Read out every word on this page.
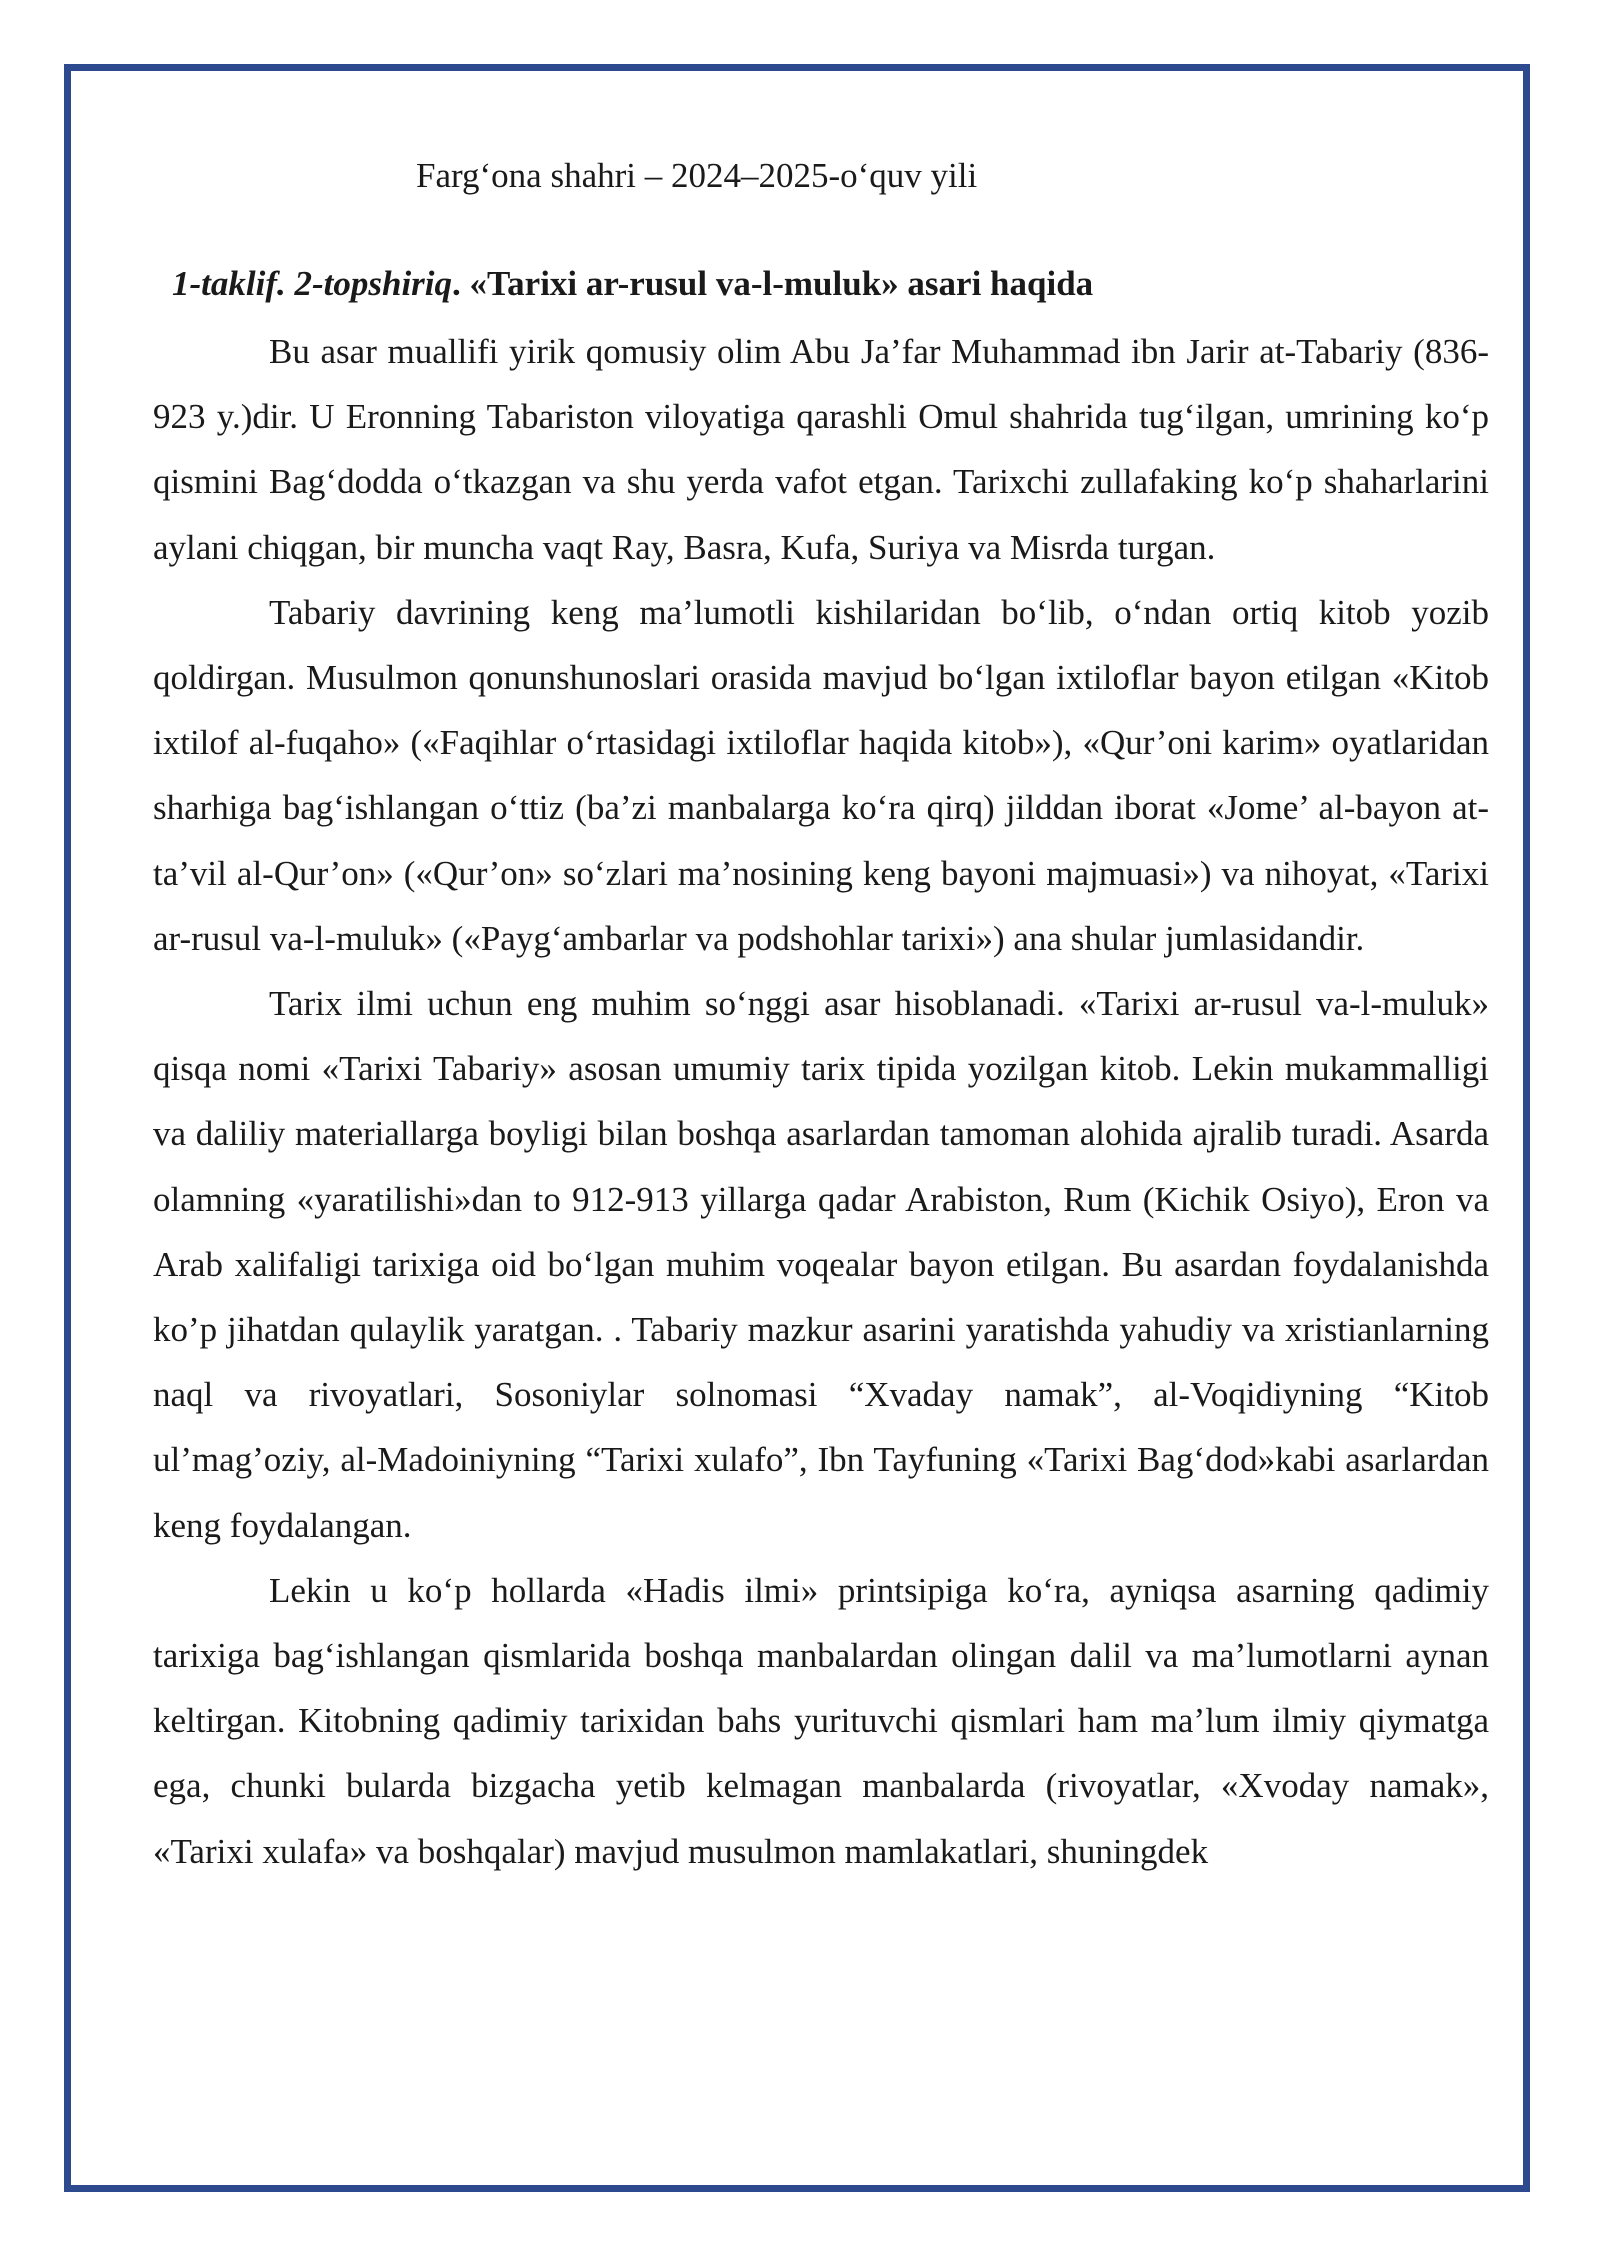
Farg‘ona shahri – 2024–2025-o‘quv yili
1-taklif. 2-topshiriq. «Tarixi ar-rusul va-l-muluk» asari haqida

Bu asar muallifi yirik qomusiy olim Abu Ja’far Muhammad ibn Jarir at-Tabariy (836-923 y.)dir. U Eronning Tabariston viloyatiga qarashli Omul shahrida tug‘ilgan, umrining ko‘p qismini Bag‘dodda o‘tkazgan va shu yerda vafot etgan. Tarixchi zullafaking ko‘p shaharlarini aylani chiqgan, bir muncha vaqt Ray, Basra, Kufa, Suriya va Misrda turgan.

Tabariy davrining keng ma’lumotli kishilaridan bo‘lib, o‘ndan ortiq kitob yozib qoldirgan. Musulmon qonunshunoslari orasida mavjud bo‘lgan ixtiloflar bayon etilgan «Kitob ixtilof al-fuqaho» («Faqihlar o‘rtasidagi ixtiloflar haqida kitob»), «Qur’oni karim» oyatlaridan sharhiga bag‘ishlangan o‘ttiz (ba’zi manbalarga ko‘ra qirq) jilddan iborat «Jome’ al-bayon at-ta’vil al-Qur’on» («Qur’on» so‘zlari ma’nosining keng bayoni majmuasi») va nihoyat, «Tarixi ar-rusul va-l-muluk» («Payg‘ambarlar va podshohlar tarixi») ana shular jumlasidandir.

Tarix ilmi uchun eng muhim so‘nggi asar hisoblanadi. «Tarixi ar-rusul va-l-muluk» qisqa nomi «Tarixi Tabariy» asosan umumiy tarix tipida yozilgan kitob. Lekin mukammalligi va daliliy materiallarga boyligi bilan boshqa asarlardan tamoman alohida ajralib turadi. Asarda olamning «yaratilishi»dan to 912-913 yillarga qadar Arabiston, Rum (Kichik Osiyo), Eron va Arab xalifaligi tarixiga oid bo‘lgan muhim voqealar bayon etilgan. Bu asardan foydalanishda ko’p jihatdan qulaylik yaratgan. . Tabariy mazkur asarini yaratishda yahudiy va xristianlarning naql va rivoyatlari, Sosoniylar solnomasi “Xvaday namak”, al-Voqidiyning “Kitob ul’mag’oziy, al-Madoiniyning “Tarixi xulafo”, Ibn Tayfuning «Tarixi Bag‘dod»kabi asarlardan keng foydalangan.

Lekin u ko‘p hollarda «Hadis ilmi» printsipiga ko‘ra, ayniqsa asarning qadimiy tarixiga bag‘ishlangan qismlarida boshqa manbalardan olingan dalil va ma’lumotlarni aynan keltirgan. Kitobning qadimiy tarixidan bahs yurituvchi qismlari ham ma’lum ilmiy qiymatga ega, chunki bularda bizgacha yetib kelmagan manbalarda (rivoyatlar, «Xvoday namak», «Tarixi xulafa» va boshqalar) mavjud musulmon mamlakatlari, shuningdek
